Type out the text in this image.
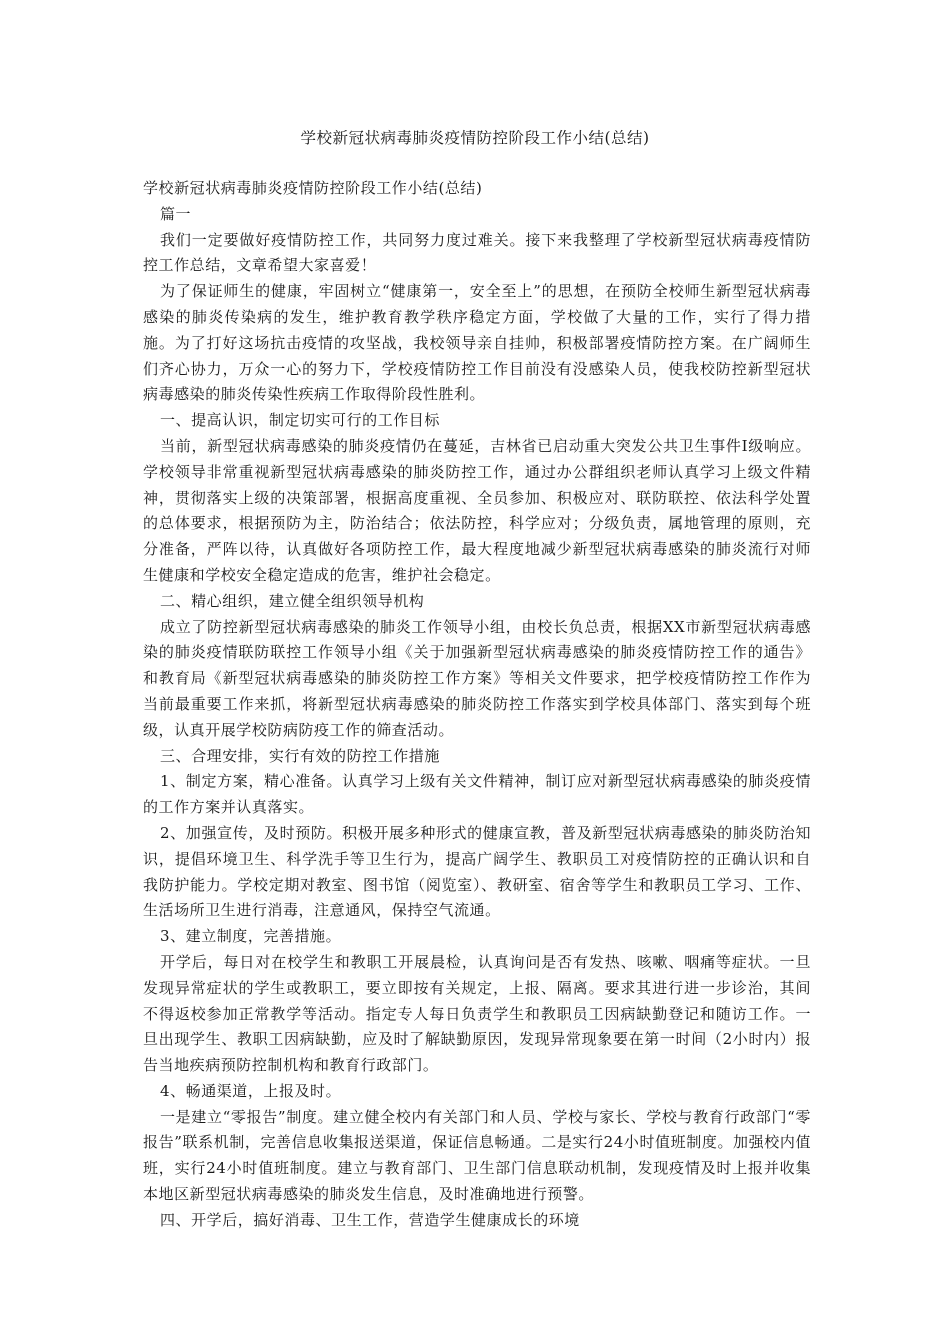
学校新冠状病毒肺炎疫情防控阶段工作小结(总结)

学校新冠状病毒肺炎疫情防控阶段工作小结(总结)

篇一

我们一定要做好疫情防控工作，共同努力度过难关。接下来我整理了学校新型冠状病毒疫情防控工作总结，文章希望大家喜爱！

为了保证师生的健康，牢固树立“健康第一，安全至上”的思想，在预防全校师生新型冠状病毒感染的肺炎传染病的发生，维护教育教学秩序稳定方面，学校做了大量的工作，实行了得力措施。为了打好这场抗击疫情的攻坚战，我校领导亲自挂帅，积极部署疫情防控方案。在广阔师生们齐心协力，万众一心的努力下，学校疫情防控工作目前没有没感染人员，使我校防控新型冠状病毒感染的肺炎传染性疾病工作取得阶段性胜利。

一、提高认识，制定切实可行的工作目标

当前，新型冠状病毒感染的肺炎疫情仍在蔓延，吉林省已启动重大突发公共卫生事件Ⅰ级响应。学校领导非常重视新型冠状病毒感染的肺炎防控工作，通过办公群组织老师认真学习上级文件精神，贯彻落实上级的决策部署，根据高度重视、全员参加、积极应对、联防联控、依法科学处置的总体要求，根据预防为主，防治结合；依法防控，科学应对；分级负责，属地管理的原则，充分准备，严阵以待，认真做好各项防控工作，最大程度地减少新型冠状病毒感染的肺炎流行对师生健康和学校安全稳定造成的危害，维护社会稳定。

二、精心组织，建立健全组织领导机构

成立了防控新型冠状病毒感染的肺炎工作领导小组，由校长负总责，根据XX市新型冠状病毒感染的肺炎疫情联防联控工作领导小组《关于加强新型冠状病毒感染的肺炎疫情防控工作的通告》和教育局《新型冠状病毒感染的肺炎防控工作方案》等相关文件要求，把学校疫情防控工作作为当前最重要工作来抓，将新型冠状病毒感染的肺炎防控工作落实到学校具体部门、落实到每个班级，认真开展学校防病防疫工作的筛查活动。

三、合理安排，实行有效的防控工作措施

1、制定方案，精心准备。认真学习上级有关文件精神，制订应对新型冠状病毒感染的肺炎疫情的工作方案并认真落实。

2、加强宣传，及时预防。积极开展多种形式的健康宣教，普及新型冠状病毒感染的肺炎防治知识，提倡环境卫生、科学洗手等卫生行为，提高广阔学生、教职员工对疫情防控的正确认识和自我防护能力。学校定期对教室、图书馆（阅览室）、教研室、宿舍等学生和教职员工学习、工作、生活场所卫生进行消毒，注意通风，保持空气流通。

3、建立制度，完善措施。

开学后，每日对在校学生和教职工开展晨检，认真询问是否有发热、咳嗽、咽痛等症状。一旦发现异常症状的学生或教职工，要立即按有关规定，上报、隔离。要求其进行进一步诊治，其间不得返校参加正常教学等活动。指定专人每日负责学生和教职员工因病缺勤登记和随访工作。一旦出现学生、教职工因病缺勤，应及时了解缺勤原因，发现异常现象要在第一时间（2小时内）报告当地疾病预防控制机构和教育行政部门。

4、畅通渠道，上报及时。

一是建立“零报告”制度。建立健全校内有关部门和人员、学校与家长、学校与教育行政部门“零报告”联系机制，完善信息收集报送渠道，保证信息畅通。二是实行24小时值班制度。加强校内值班，实行24小时值班制度。建立与教育部门、卫生部门信息联动机制，发现疫情及时上报并收集本地区新型冠状病毒感染的肺炎发生信息，及时准确地进行预警。

四、开学后，搞好消毒、卫生工作，营造学生健康成长的环境
